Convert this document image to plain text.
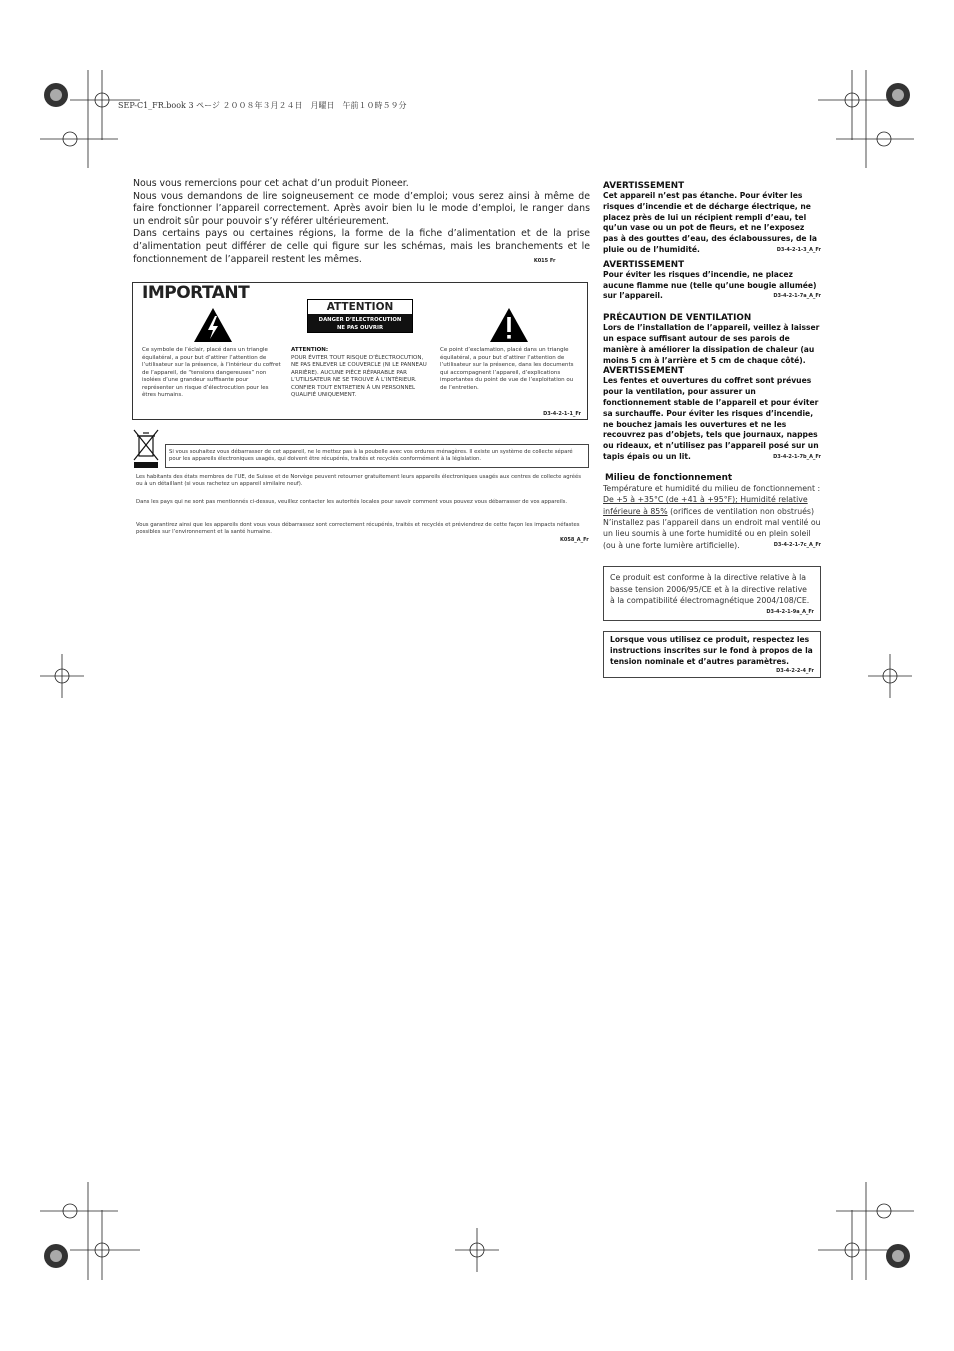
SEP-C1_FR.book 3 ページ ２００８年３月２４日　月曜日　午前１０時５９分

Nous vous remercions pour cet achat d’un produit Pioneer.

Nous vous demandons de lire soigneusement ce mode d’emploi; vous serez ainsi à même de faire fonctionner l’appareil correctement. Après avoir bien lu le mode d’emploi, le ranger dans un endroit sûr pour pouvoir s’y référer ultérieurement.

Dans certains pays ou certaines régions, la forme de la fiche d’alimentation et de la prise d’alimentation peut différer de celle qui figure sur les schémas, mais les branchements et le fonctionnement de l’appareil restent les mêmes.	K015 Fr

IMPORTANT
ATTENTION
DANGER D’ELECTROCUTION
NE PAS OUVRIR
Ce symbole de l’éclair, placé dans un triangle équilatéral, a pour but d’attirer l’attention de l’utilisateur sur la présence, à l’intérieur du coffret de l’appareil, de “tensions dangereuses” non isolées d’une grandeur suffisante pour représenter un risque d’électrocution pour les êtres humains.
ATTENTION:
POUR ÉVITER TOUT RISQUE D’ÉLECTROCUTION, NE PAS ENLEVER LE COUVERCLE (NI LE PANNEAU ARRIÈRE). AUCUNE PIÈCE RÉPARABLE PAR L’UTILISATEUR NE SE TROUVE À L’INTÉRIEUR. CONFIER TOUT ENTRETIEN À UN PERSONNEL QUALIFIÉ UNIQUEMENT.
Ce point d’exclamation, placé dans un triangle équilatéral, a pour but d’attirer l’attention de l’utilisateur sur la présence, dans les documents qui accompagnent l’appareil, d’explications importantes du point de vue de l’exploitation ou de l’entretien.
D3-4-2-1-1_Fr
Si vous souhaitez vous débarrasser de cet appareil, ne le mettez pas à la poubelle avec vos ordures ménagères. Il existe un système de collecte séparé pour les appareils électroniques usagés, qui doivent être récupérés, traités et recyclés conformément à la législation.
Les habitants des états membres de l’UE, de Suisse et de Norvège peuvent retourner gratuitement leurs appareils électroniques usagés aux centres de collecte agréés ou à un détaillant (si vous rachetez un appareil similaire neuf).
Dans les pays qui ne sont pas mentionnés ci-dessus, veuillez contacter les autorités locales pour savoir comment vous pouvez vous débarrasser de vos appareils.
Vous garantirez ainsi que les appareils dont vous vous débarrassez sont correctement récupérés, traités et recyclés et préviendrez de cette façon les impacts néfastes possibles sur l’environnement et la santé humaine.
K058_A_Fr
AVERTISSEMENT
Cet appareil n’est pas étanche. Pour éviter les risques d’incendie et de décharge électrique, ne placez près de lui un récipient rempli d’eau, tel qu’un vase ou un pot de fleurs, et ne l’exposez pas à des gouttes d’eau, des éclaboussures, de la pluie ou de l’humidité.	D3-4-2-1-3_A_Fr
AVERTISSEMENT
Pour éviter les risques d’incendie, ne placez aucune flamme nue (telle qu’une bougie allumée) sur l’appareil.	D3-4-2-1-7a_A_Fr
PRÉCAUTION DE VENTILATION
Lors de l’installation de l’appareil, veillez à laisser un espace suffisant autour de ses parois de manière à améliorer la dissipation de chaleur (au moins 5 cm à l’arrière et 5 cm de chaque côté).
AVERTISSEMENT
Les fentes et ouvertures du coffret sont prévues pour la ventilation, pour assurer un fonctionnement stable de l’appareil et pour éviter sa surchauffe. Pour éviter les risques d’incendie, ne bouchez jamais les ouvertures et ne les recouvrez pas d’objets, tels que journaux, nappes ou rideaux, et n’utilisez pas l’appareil posé sur un tapis épais ou un lit.	D3-4-2-1-7b_A_Fr
Milieu de fonctionnement
Température et humidité du milieu de fonctionnement :
De +5 à +35°C (de +41 à +95°F); Humidité relative
inférieure à 85% (orifices de ventilation non obstrués)
N’installez pas l’appareil dans un endroit mal ventilé ou un lieu soumis à une forte humidité ou en plein soleil (ou à une forte lumière artificielle).	D3-4-2-1-7c_A_Fr
Ce produit est conforme à la directive relative à la basse tension 2006/95/CE et à la directive relative à la compatibilité électromagnétique 2004/108/CE.
D3-4-2-1-9a_A_Fr
Lorsque vous utilisez ce produit, respectez les instructions inscrites sur le fond à propos de la tension nominale et d’autres paramètres.
D3-4-2-2-4_Fr
